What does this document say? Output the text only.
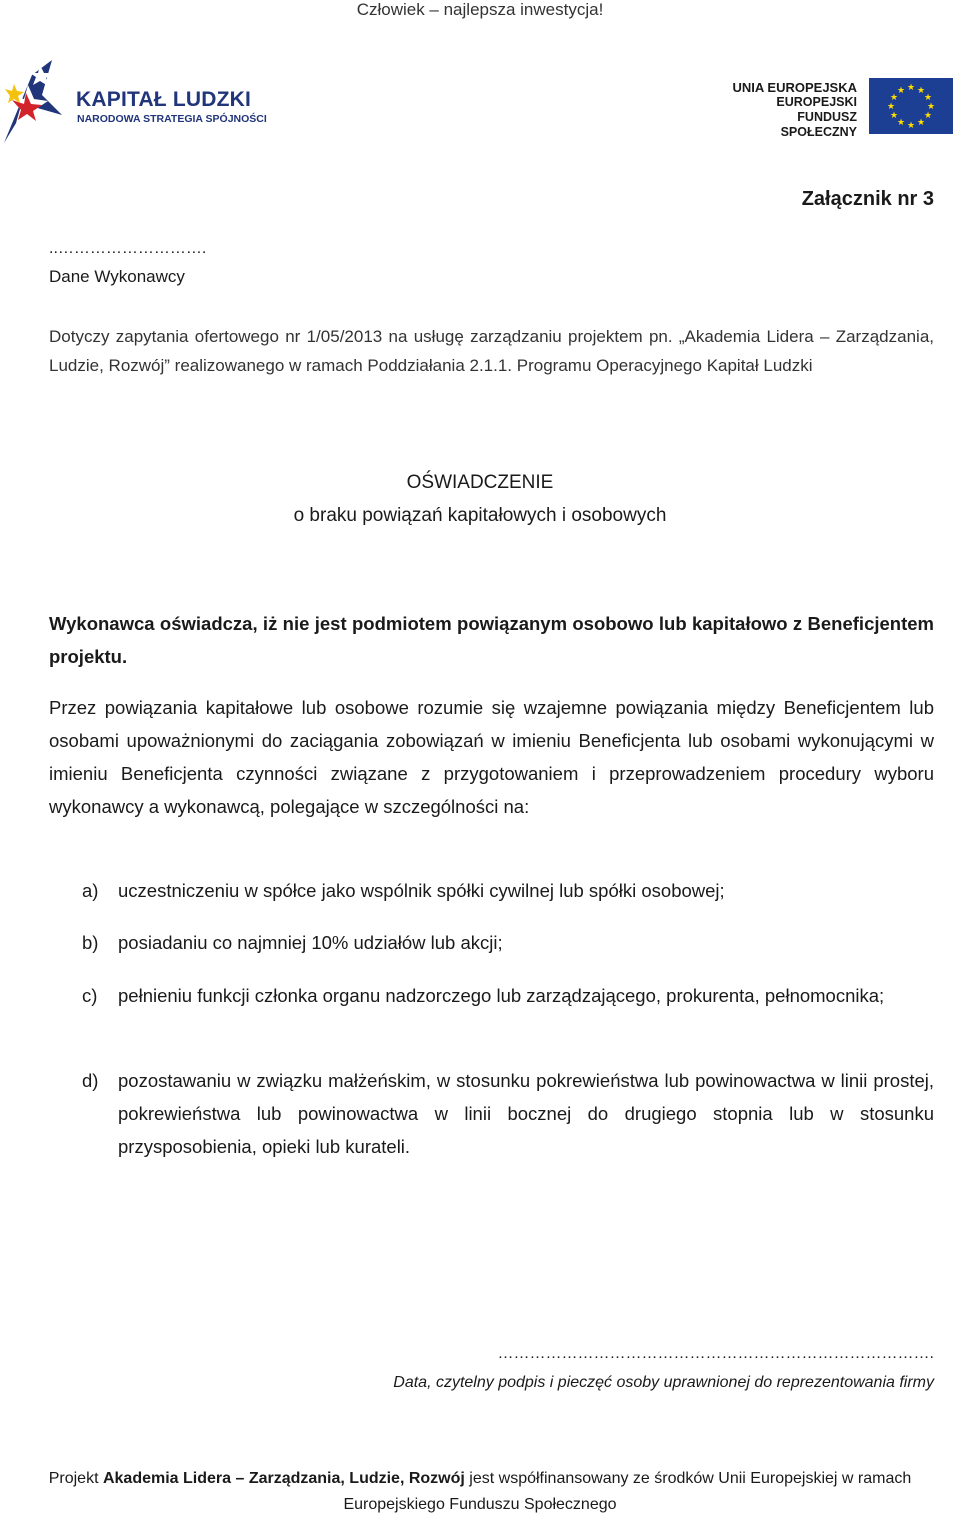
Człowiek – najlepsza inwestycja!
KAPITAŁ LUDZKI
NARODOWA STRATEGIA SPÓJNOŚCI
UNIA EUROPEJSKA
EUROPEJSKI
FUNDUSZ SPOŁECZNY
★ ★
★
★
★
★
★
★
★
★
★
★
Załącznik nr 3
..……………………….
Dane Wykonawcy
Dotyczy zapytania ofertowego nr 1/05/2013 na usługę zarządzaniu projektem pn. „Akademia Lidera – Zarządzania, Ludzie, Rozwój” realizowanego w ramach Poddziałania 2.1.1. Programu Operacyjnego Kapitał Ludzki
OŚWIADCZENIE
o braku powiązań kapitałowych i osobowych
Wykonawca oświadcza, iż nie jest podmiotem powiązanym osobowo lub kapitałowo z Beneficjentem projektu.
Przez powiązania kapitałowe lub osobowe rozumie się wzajemne powiązania między Beneficjentem lub osobami upoważnionymi do zaciągania zobowiązań w imieniu Beneficjenta lub osobami wykonującymi w imieniu Beneficjenta czynności związane z przygotowaniem i przeprowadzeniem procedury wyboru wykonawcy a wykonawcą, polegające w szczególności na:
a)	uczestniczeniu w spółce jako wspólnik spółki cywilnej lub spółki osobowej;
b)	posiadaniu co najmniej 10% udziałów lub akcji;
c)	pełnieniu funkcji członka organu nadzorczego lub zarządzającego, prokurenta, pełnomocnika;
d)	pozostawaniu w związku małżeńskim, w stosunku pokrewieństwa lub powinowactwa w linii prostej, pokrewieństwa lub powinowactwa w linii bocznej do drugiego stopnia lub w stosunku przysposobienia, opieki lub kurateli.
……………………………………………………………………….
Data, czytelny podpis i pieczęć osoby uprawnionej do reprezentowania firmy
Projekt Akademia Lidera – Zarządzania, Ludzie, Rozwój jest współfinansowany ze środków Unii Europejskiej w ramach Europejskiego Funduszu Społecznego
